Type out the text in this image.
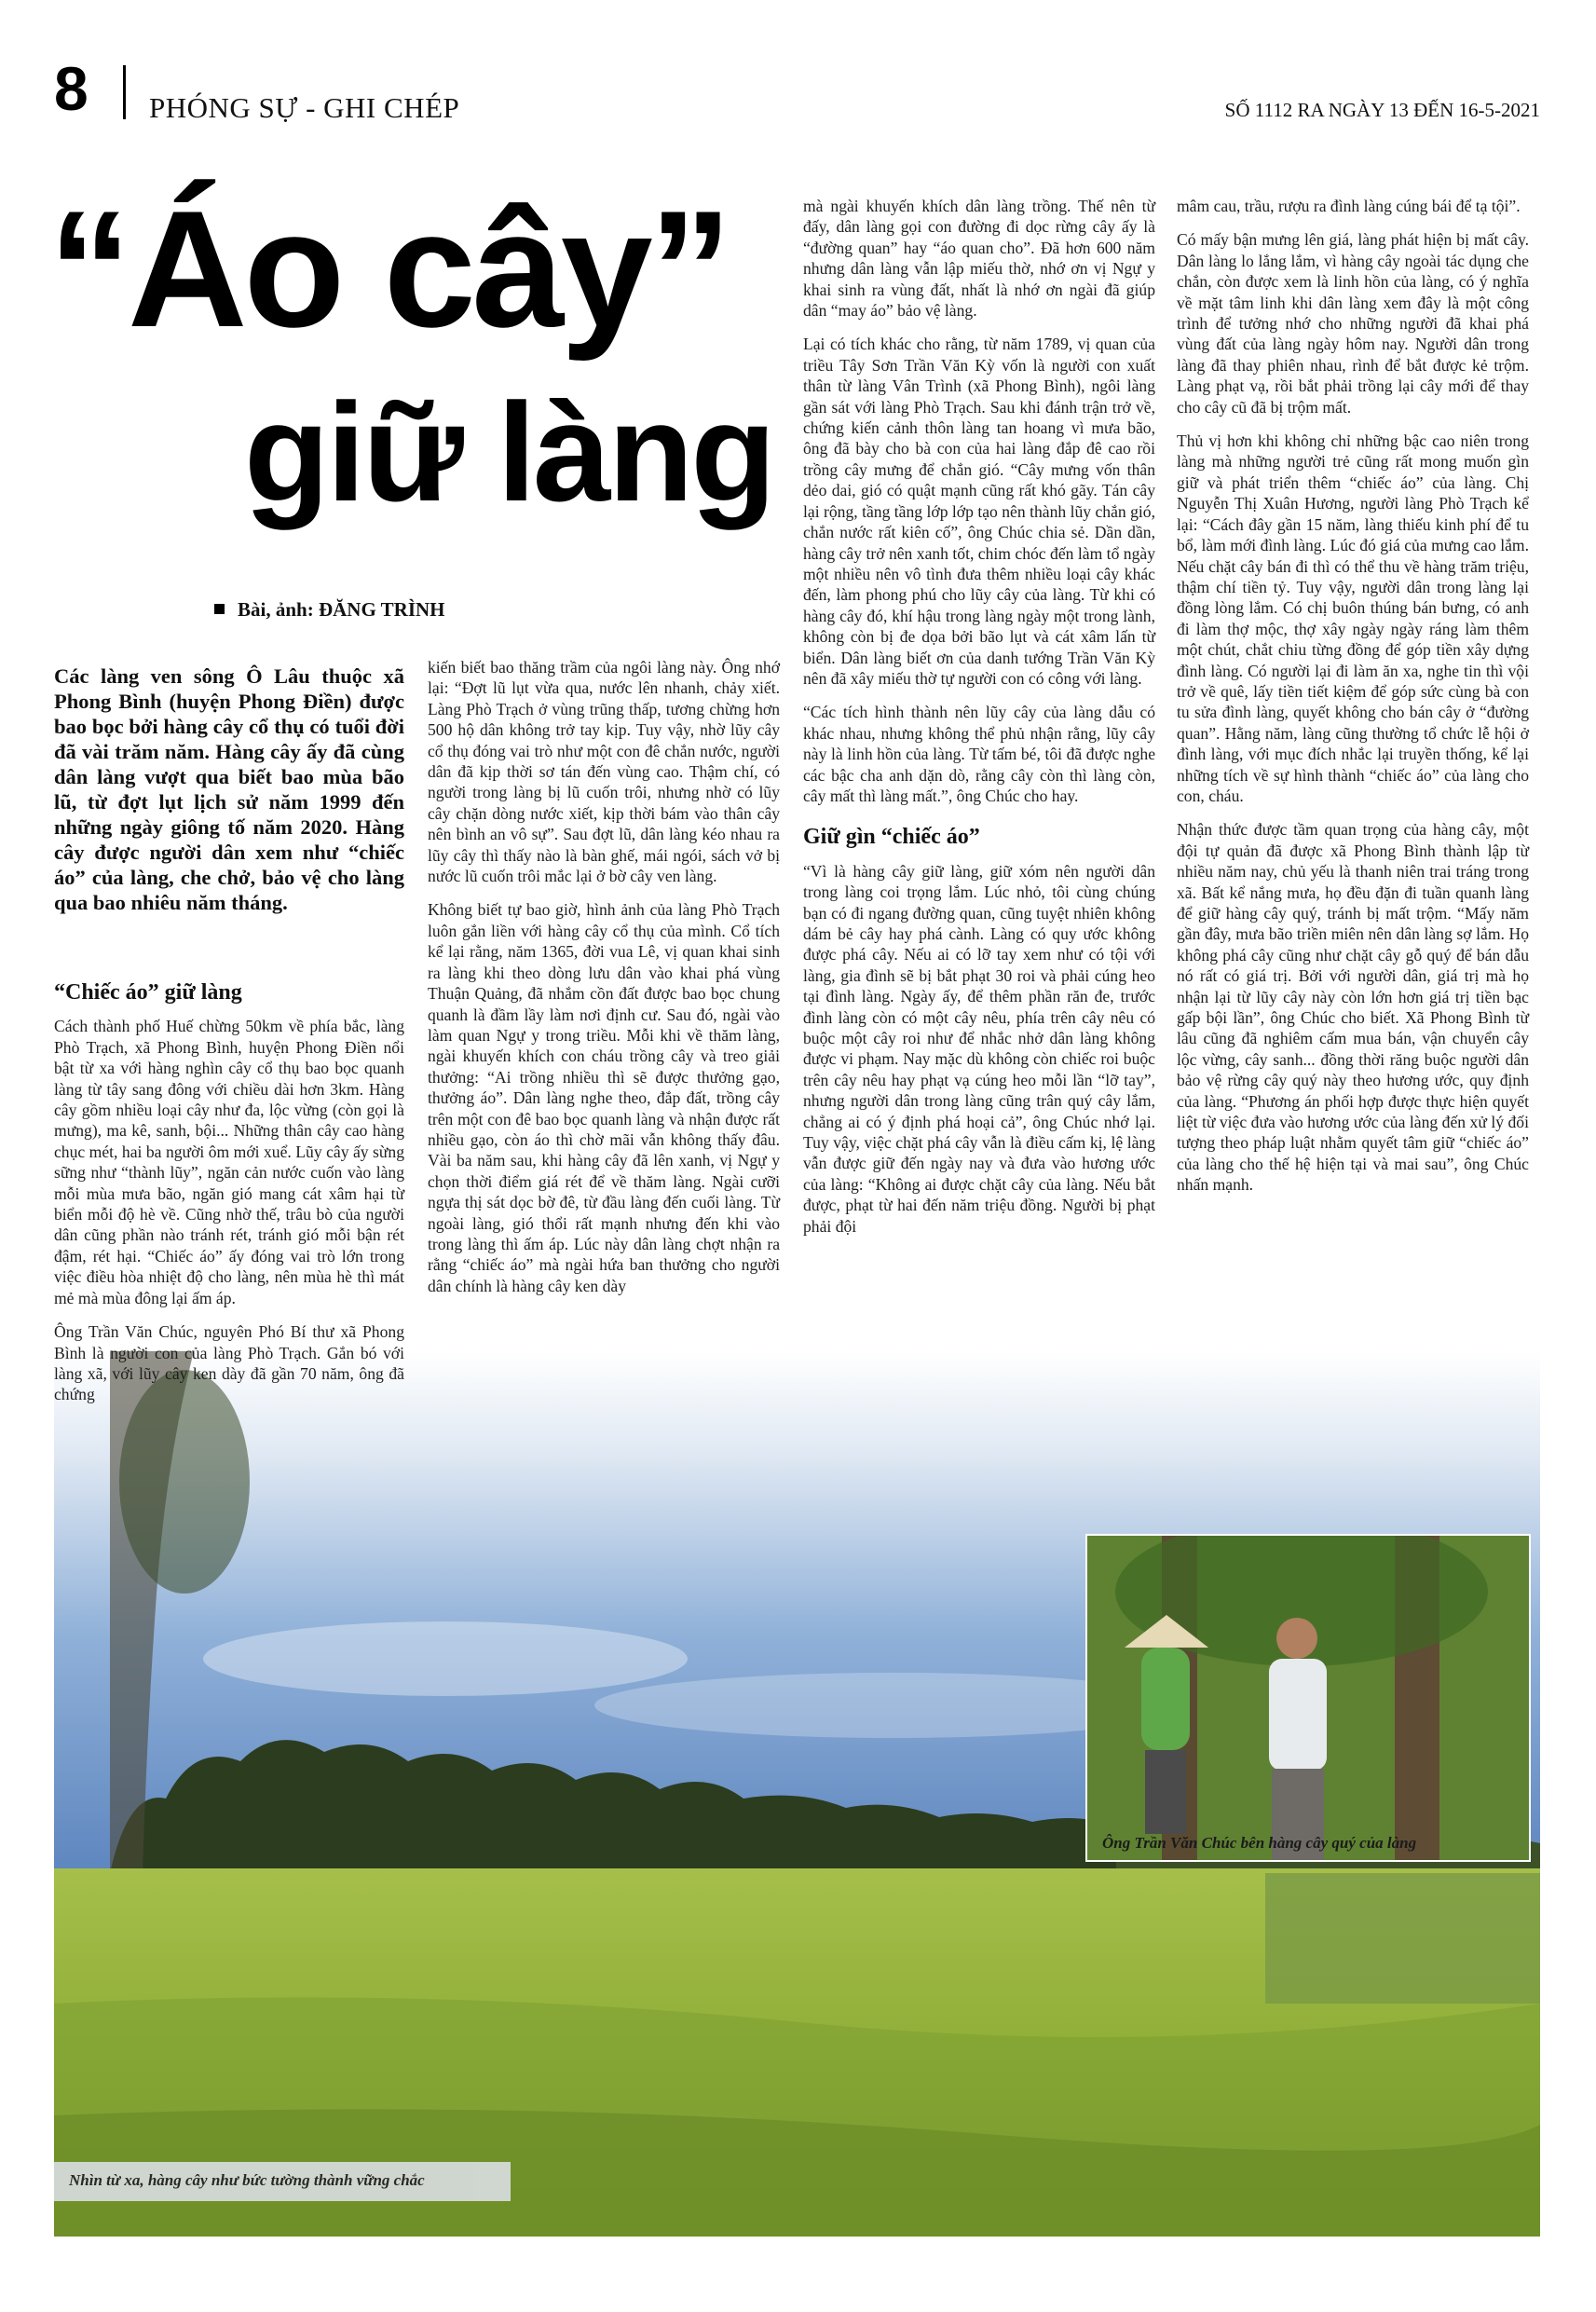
8 PHÓNG SỰ - GHI CHÉP	SỐ 1112 RA NGÀY 13 ĐẾN 16-5-2021
Ông Trần Văn Chúc bên hàng cây quý của làng
Nhìn từ xa, hàng cây như bức tường thành vững chắc
“Áo cây”
giữ làng
Bài, ảnh: ĐĂNG TRÌNH
Các làng ven sông Ô Lâu thuộc xã Phong Bình (huyện Phong Điền) được bao bọc bởi hàng cây cổ thụ có tuổi đời đã vài trăm năm. Hàng cây ấy đã cùng dân làng vượt qua biết bao mùa bão lũ, từ đợt lụt lịch sử năm 1999 đến những ngày giông tố năm 2020. Hàng cây được người dân xem như “chiếc áo” của làng, che chở, bảo vệ cho làng qua bao nhiêu năm tháng.
“Chiếc áo” giữ làng

Cách thành phố Huế chừng 50km về phía bắc, làng Phò Trạch, xã Phong Bình, huyện Phong Điền nổi bật từ xa với hàng nghìn cây cổ thụ bao bọc quanh làng từ tây sang đông với chiều dài hơn 3km. Hàng cây gồm nhiều loại cây như đa, lộc vừng (còn gọi là mưng), ma kê, sanh, bội... Những thân cây cao hàng chục mét, hai ba người ôm mới xuể. Lũy cây ấy sừng sững như “thành lũy”, ngăn cản nước cuốn vào làng mỗi mùa mưa bão, ngăn gió mang cát xâm hại từ biển mỗi độ hè về. Cũng nhờ thế, trâu bò của người dân cũng phần nào tránh rét, tránh gió mỗi bận rét đậm, rét hại. “Chiếc áo” ấy đóng vai trò lớn trong việc điều hòa nhiệt độ cho làng, nên mùa hè thì mát mẻ mà mùa đông lại ấm áp.

Ông Trần Văn Chúc, nguyên Phó Bí thư xã Phong Bình là người con của làng Phò Trạch. Gắn bó với làng xã, với lũy cây ken dày đã gần 70 năm, ông đã chứng

kiến biết bao thăng trầm của ngôi làng này. Ông nhớ lại: “Đợt lũ lụt vừa qua, nước lên nhanh, chảy xiết. Làng Phò Trạch ở vùng trũng thấp, tương chừng hơn 500 hộ dân không trở tay kịp. Tuy vậy, nhờ lũy cây cổ thụ đóng vai trò như một con đê chắn nước, người dân đã kịp thời sơ tán đến vùng cao. Thậm chí, có người trong làng bị lũ cuốn trôi, nhưng nhờ có lũy cây chặn dòng nước xiết, kịp thời bám vào thân cây nên bình an vô sự”. Sau đợt lũ, dân làng kéo nhau ra lũy cây thì thấy nào là bàn ghế, mái ngói, sách vở bị nước lũ cuốn trôi mắc lại ở bờ cây ven làng.

Không biết tự bao giờ, hình ảnh của làng Phò Trạch luôn gắn liền với hàng cây cổ thụ của mình. Cổ tích kể lại rằng, năm 1365, đời vua Lê, vị quan khai sinh ra làng khi theo dòng lưu dân vào khai phá vùng Thuận Quảng, đã nhắm cồn đất được bao bọc chung quanh là đầm lầy làm nơi định cư. Sau đó, ngài vào làm quan Ngự y trong triều. Mỗi khi về thăm làng, ngài khuyến khích con cháu trồng cây và treo giải thưởng: “Ai trồng nhiều thì sẽ được thưởng gạo, thưởng áo”. Dân làng nghe theo, đắp đất, trồng cây trên một con đê bao bọc quanh làng và nhận được rất nhiều gạo, còn áo thì chờ mãi vẫn không thấy đâu. Vài ba năm sau, khi hàng cây đã lên xanh, vị Ngự y chọn thời điểm giá rét để về thăm làng. Ngài cưỡi ngựa thị sát dọc bờ đê, từ đầu làng đến cuối làng. Từ ngoài làng, gió thổi rất mạnh nhưng đến khi vào trong làng thì ấm áp. Lúc này dân làng chợt nhận ra rằng “chiếc áo” mà ngài hứa ban thưởng cho người dân chính là hàng cây ken dày

mà ngài khuyến khích dân làng trồng. Thế nên từ đấy, dân làng gọi con đường đi dọc rừng cây ấy là “đường quan” hay “áo quan cho”. Đã hơn 600 năm nhưng dân làng vẫn lập miếu thờ, nhớ ơn vị Ngự y khai sinh ra vùng đất, nhất là nhớ ơn ngài đã giúp dân “may áo” bảo vệ làng.

Lại có tích khác cho rằng, từ năm 1789, vị quan của triều Tây Sơn Trần Văn Kỳ vốn là người con xuất thân từ làng Vân Trình (xã Phong Bình), ngôi làng gần sát với làng Phò Trạch. Sau khi đánh trận trở về, chứng kiến cảnh thôn làng tan hoang vì mưa bão, ông đã bày cho bà con của hai làng đắp đê cao rồi trồng cây mưng để chắn gió. “Cây mưng vốn thân dẻo dai, gió có quật mạnh cũng rất khó gãy. Tán cây lại rộng, tầng tầng lớp lớp tạo nên thành lũy chắn gió, chắn nước rất kiên cố”, ông Chúc chia sẻ. Dần dần, hàng cây trở nên xanh tốt, chim chóc đến làm tổ ngày một nhiều nên vô tình đưa thêm nhiều loại cây khác đến, làm phong phú cho lũy cây của làng. Từ khi có hàng cây đó, khí hậu trong làng ngày một trong lành, không còn bị đe dọa bởi bão lụt và cát xâm lấn từ biển. Dân làng biết ơn của danh tướng Trần Văn Kỳ nên đã xây miếu thờ tự người con có công với làng.

“Các tích hình thành nên lũy cây của làng dẫu có khác nhau, nhưng không thể phủ nhận rằng, lũy cây này là linh hồn của làng. Từ tấm bé, tôi đã được nghe các bậc cha anh dặn dò, rằng cây còn thì làng còn, cây mất thì làng mất.”, ông Chúc cho hay.

Giữ gìn “chiếc áo”

“Vì là hàng cây giữ làng, giữ xóm nên người dân trong làng coi trọng lắm. Lúc nhỏ, tôi cùng chúng bạn có đi ngang đường quan, cũng tuyệt nhiên không dám bẻ cây hay phá cành. Làng có quy ước không được phá cây. Nếu ai có lỡ tay xem như có tội với làng, gia đình sẽ bị bắt phạt 30 roi và phải cúng heo tại đình làng. Ngày ấy, để thêm phần răn đe, trước đình làng còn có một cây nêu, phía trên cây nêu có buộc một cây roi như để nhắc nhở dân làng không được vi phạm. Nay mặc dù không còn chiếc roi buộc trên cây nêu hay phạt vạ cúng heo mỗi lần “lỡ tay”, nhưng người dân trong làng cũng trân quý cây lắm, chẳng ai có ý định phá hoại cả”, ông Chúc nhớ lại. Tuy vậy, việc chặt phá cây vẫn là điều cấm kị, lệ làng vẫn được giữ đến ngày nay và đưa vào hương ước của làng: “Không ai được chặt cây của làng. Nếu bắt được, phạt từ hai đến năm triệu đồng. Người bị phạt phải đội

mâm cau, trầu, rượu ra đình làng cúng bái để tạ tội”.

Có mấy bận mưng lên giá, làng phát hiện bị mất cây. Dân làng lo lắng lắm, vì hàng cây ngoài tác dụng che chắn, còn được xem là linh hồn của làng, có ý nghĩa về mặt tâm linh khi dân làng xem đây là một công trình để tưởng nhớ cho những người đã khai phá vùng đất của làng ngày hôm nay. Người dân trong làng đã thay phiên nhau, rình để bắt được kẻ trộm. Làng phạt vạ, rồi bắt phải trồng lại cây mới để thay cho cây cũ đã bị trộm mất.

Thủ vị hơn khi không chỉ những bậc cao niên trong làng mà những người trẻ cũng rất mong muốn gìn giữ và phát triển thêm “chiếc áo” của làng. Chị Nguyễn Thị Xuân Hương, người làng Phò Trạch kể lại: “Cách đây gần 15 năm, làng thiếu kinh phí để tu bổ, làm mới đình làng. Lúc đó giá của mưng cao lắm. Nếu chặt cây bán đi thì có thể thu về hàng trăm triệu, thậm chí tiền tỷ. Tuy vậy, người dân trong làng lại đồng lòng lắm. Có chị buôn thúng bán bưng, có anh đi làm thợ mộc, thợ xây ngày ngày ráng làm thêm một chút, chắt chiu từng đồng để góp tiền xây dựng đình làng. Có người lại đi làm ăn xa, nghe tin thì vội trở về quê, lấy tiền tiết kiệm để góp sức cùng bà con tu sửa đình làng, quyết không cho bán cây ở “đường quan”. Hằng năm, làng cũng thường tổ chức lễ hội ở đình làng, với mục đích nhắc lại truyền thống, kể lại những tích về sự hình thành “chiếc áo” của làng cho con, cháu.

Nhận thức được tầm quan trọng của hàng cây, một đội tự quản đã được xã Phong Bình thành lập từ nhiều năm nay, chủ yếu là thanh niên trai tráng trong xã. Bất kể nắng mưa, họ đều đặn đi tuần quanh làng để giữ hàng cây quý, tránh bị mất trộm. “Mấy năm gần đây, mưa bão triền miên nên dân làng sợ lắm. Họ không phá cây cũng như chặt cây gỗ quý để bán dẫu nó rất có giá trị. Bởi với người dân, giá trị mà họ nhận lại từ lũy cây này còn lớn hơn giá trị tiền bạc gấp bội lần”, ông Chúc cho biết. Xã Phong Bình từ lâu cũng đã nghiêm cấm mua bán, vận chuyển cây lộc vừng, cây sanh... đồng thời răng buộc người dân bảo vệ rừng cây quý này theo hương ước, quy định của làng. “Phương án phối hợp được thực hiện quyết liệt từ việc đưa vào hương ước của làng đến xử lý đối tượng theo pháp luật nhằm quyết tâm giữ “chiếc áo” của làng cho thế hệ hiện tại và mai sau”, ông Chúc nhấn mạnh.
